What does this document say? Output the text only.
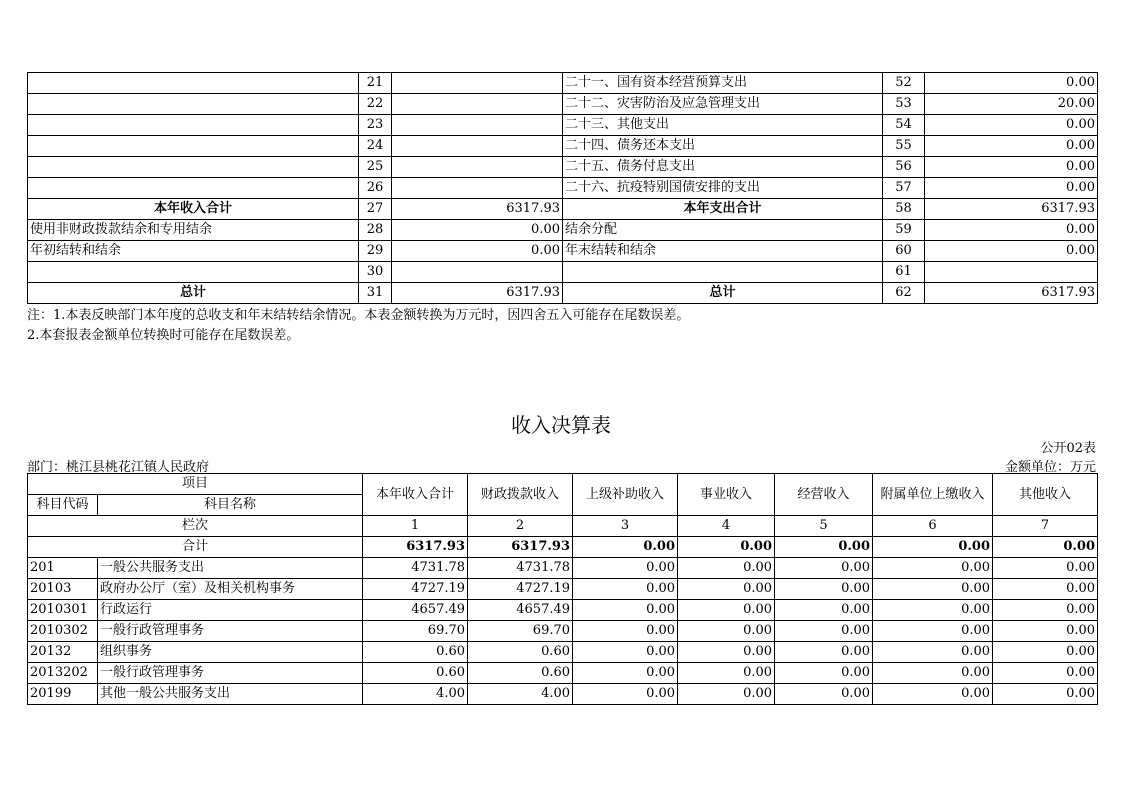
	21		二十一、国有资本经营预算支出	52	0.00
	22		二十二、灾害防治及应急管理支出	53	20.00
	23		二十三、其他支出	54	0.00
	24		二十四、债务还本支出	55	0.00
	25		二十五、债务付息支出	56	0.00
	26		二十六、抗疫特别国债安排的支出	57	0.00
本年收入合计	27	6317.93	本年支出合计	58	6317.93
使用非财政拨款结余和专用结余	28	0.00	结余分配	59	0.00
年初结转和结余	29	0.00	年末结转和结余	60	0.00
	30			61	
总计	31	6317.93	总计	62	6317.93
注：1.本表反映部门本年度的总收支和年末结转结余情况。本表金额转换为万元时，因四舍五入可能存在尾数误差。
2.本套报表金额单位转换时可能存在尾数误差。
收入决算表
公开02表
部门：桃江县桃花江镇人民政府	金额单位：万元
项目		本年收入合计	财政拨款收入	上级补助收入	事业收入	经营收入	附属单位上缴收入	其他收入
科目代码	科目名称							
栏次		1	2	3	4	5	6	7
合计		6317.93	6317.93	0.00	0.00	0.00	0.00	0.00
201	一般公共服务支出	4731.78	4731.78	0.00	0.00	0.00	0.00	0.00
20103	政府办公厅（室）及相关机构事务	4727.19	4727.19	0.00	0.00	0.00	0.00	0.00
2010301	行政运行	4657.49	4657.49	0.00	0.00	0.00	0.00	0.00
2010302	一般行政管理事务	69.70	69.70	0.00	0.00	0.00	0.00	0.00
20132	组织事务	0.60	0.60	0.00	0.00	0.00	0.00	0.00
2013202	一般行政管理事务	0.60	0.60	0.00	0.00	0.00	0.00	0.00
20199	其他一般公共服务支出	4.00	4.00	0.00	0.00	0.00	0.00	0.00
